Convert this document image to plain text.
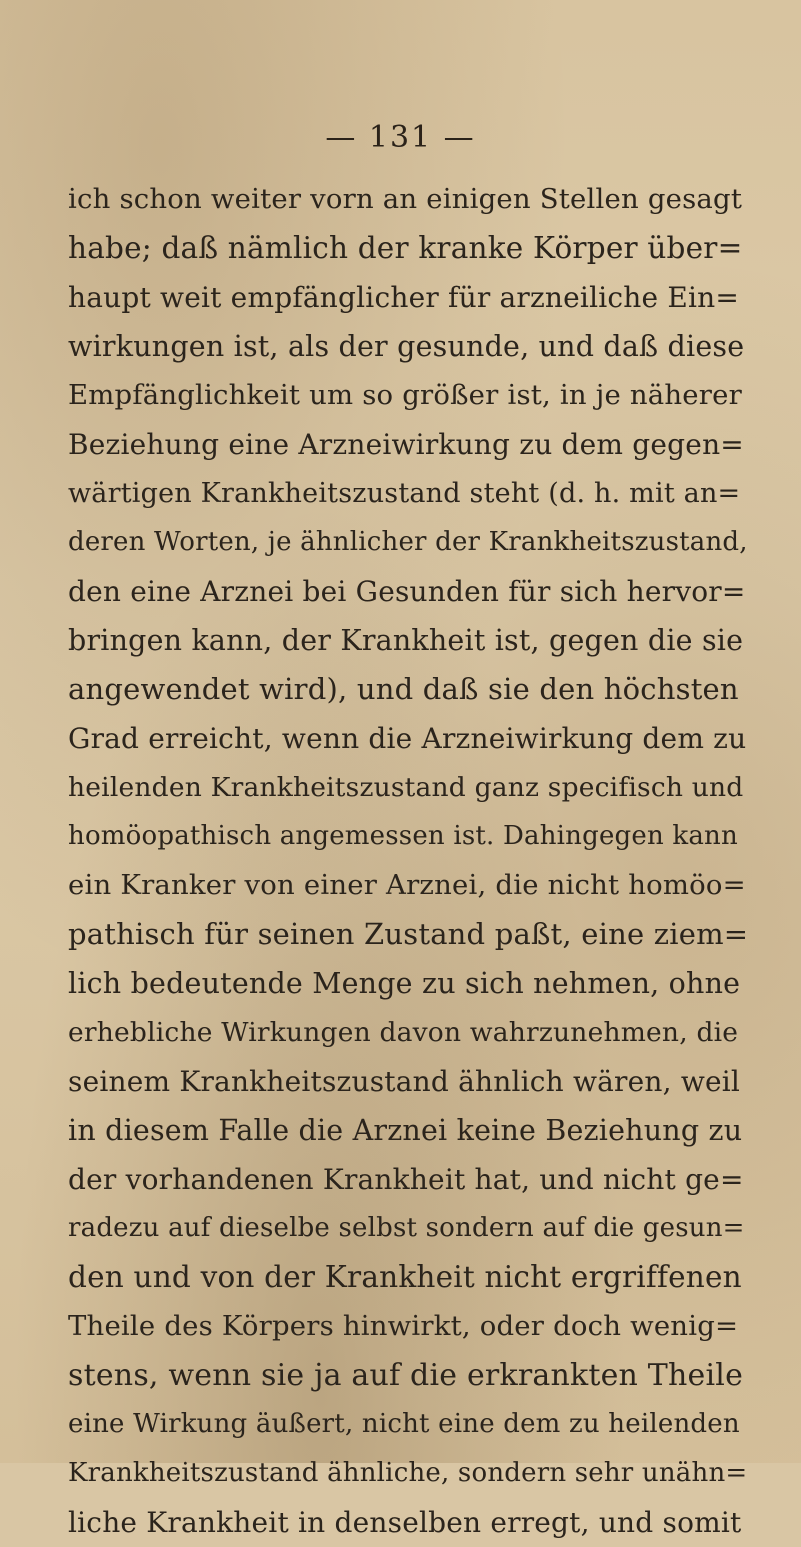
— 131 —
ich schon weiter vorn an einigen Stellen gesagt
habe; daß nämlich der kranke Körper über=
haupt weit empfänglicher für arzneiliche Ein=
wirkungen ist, als der gesunde, und daß diese
Empfänglichkeit um so größer ist, in je näherer
Beziehung eine Arzneiwirkung zu dem gegen=
wärtigen Krankheitszustand steht (d. h. mit an=
deren Worten, je ähnlicher der Krankheitszustand,
den eine Arznei bei Gesunden für sich hervor=
bringen kann, der Krankheit ist, gegen die sie
angewendet wird), und daß sie den höchsten
Grad erreicht, wenn die Arzneiwirkung dem zu
heilenden Krankheitszustand ganz specifisch und
homöopathisch angemessen ist. Dahingegen kann
ein Kranker von einer Arznei, die nicht homöo=
pathisch für seinen Zustand paßt, eine ziem=
lich bedeutende Menge zu sich nehmen, ohne
erhebliche Wirkungen davon wahrzunehmen, die
seinem Krankheitszustand ähnlich wären, weil
in diesem Falle die Arznei keine Beziehung zu
der vorhandenen Krankheit hat, und nicht ge=
radezu auf dieselbe selbst sondern auf die gesun=
den und von der Krankheit nicht ergriffenen
Theile des Körpers hinwirkt, oder doch wenig=
stens, wenn sie ja auf die erkrankten Theile
eine Wirkung äußert, nicht eine dem zu heilenden
Krankheitszustand ähnliche, sondern sehr unähn=
liche Krankheit in denselben erregt, und somit
